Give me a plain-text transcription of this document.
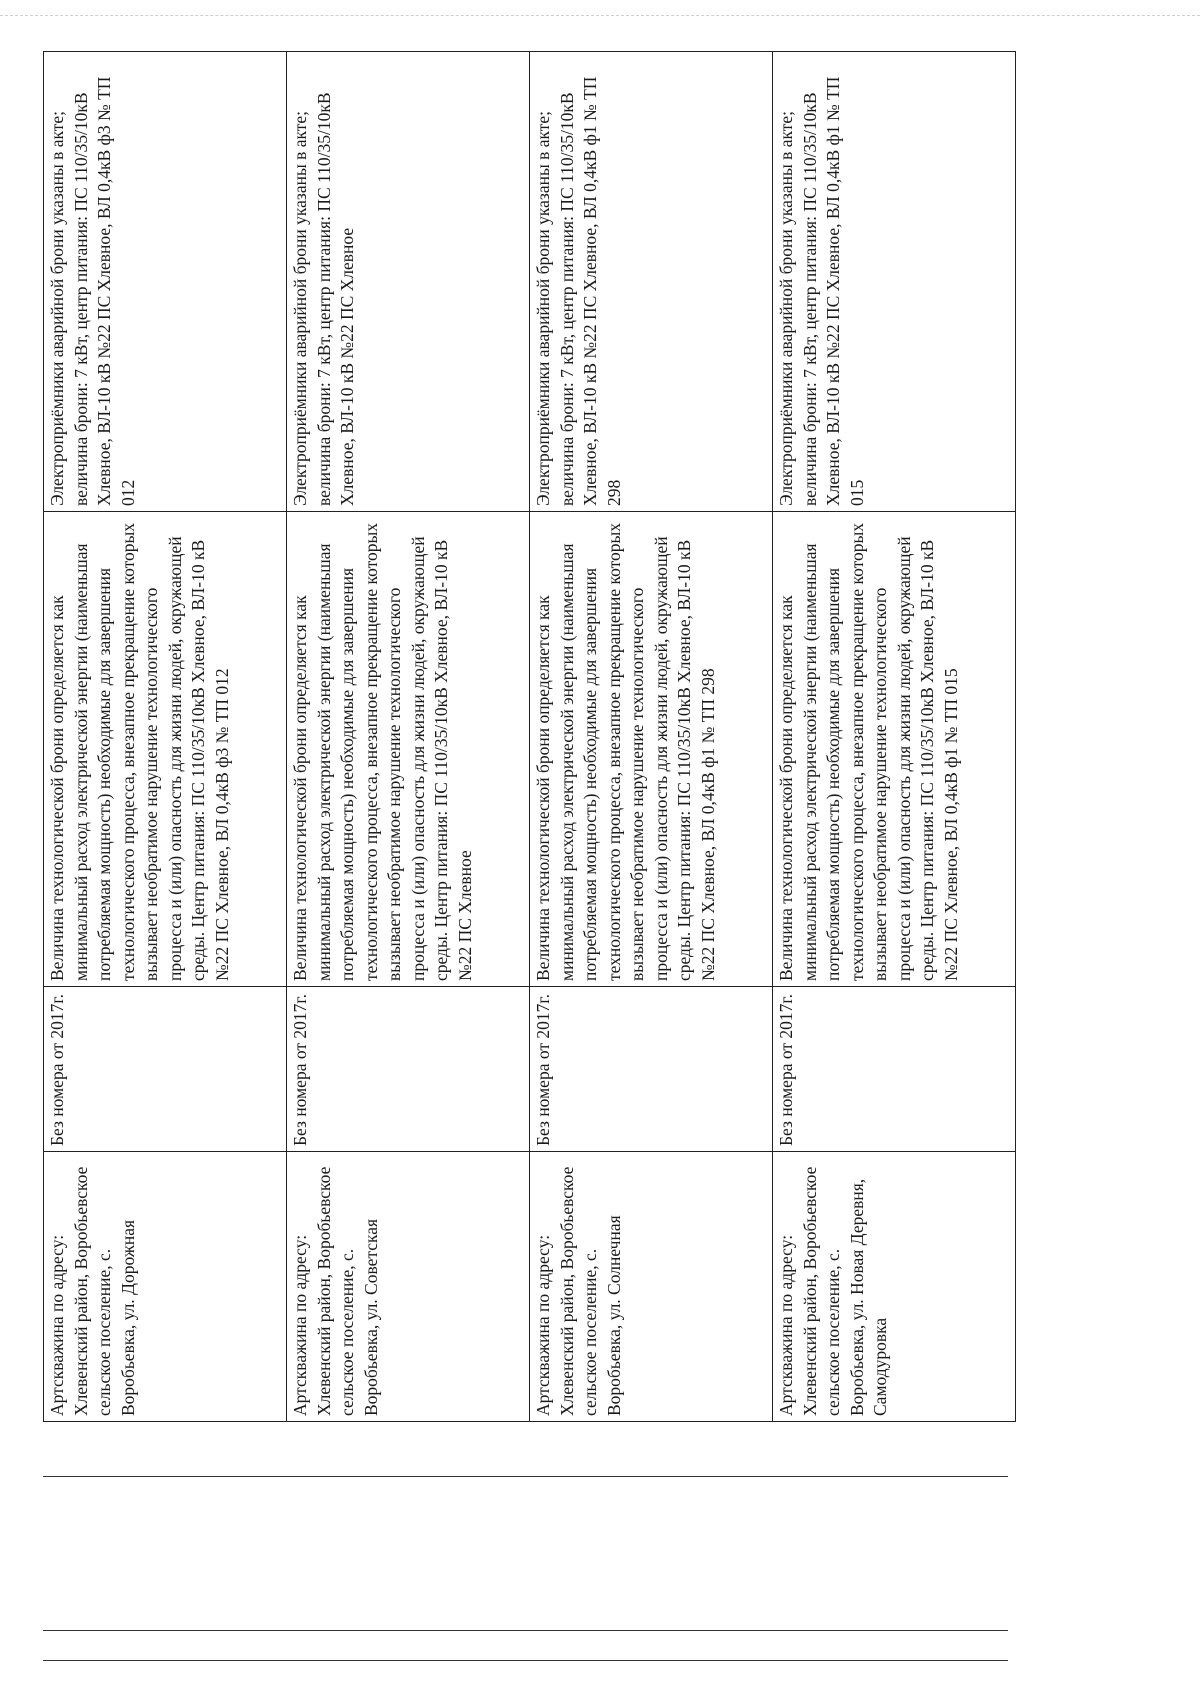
Артскважина по адресу: Хлевенский район, Воробьевское сельское поселение, с. Воробьевка, ул. Дорожная	Без номера от 2017г.	Величина технологической брони определяется как минимальный расход электрической энергии (наименьшая потребляемая мощность) необходимые для завершения технологического процесса, внезапное прекращение которых вызывает необратимое нарушение технологического процесса и (или) опасность для жизни людей, окружающей среды. Центр питания: ПС 110/35/10кВ Хлевное, ВЛ-10 кВ №22 ПС Хлевное, ВЛ 0,4кВ ф3 № ТП 012	Электроприёмники аварийной брони указаны в акте; величина брони: 7 кВт, центр питания: ПС 110/35/10кВ Хлевное, ВЛ-10 кВ №22 ПС Хлевное, ВЛ 0,4кВ ф3 № ТП 012

Артскважина по адресу: Хлевенский район, Воробьевское сельское поселение, с. Воробьевка, ул. Советская	Без номера от 2017г.	Величина технологической брони определяется как минимальный расход электрической энергии (наименьшая потребляемая мощность) необходимые для завершения технологического процесса, внезапное прекращение которых вызывает необратимое нарушение технологического процесса и (или) опасность для жизни людей, окружающей среды. Центр питания: ПС 110/35/10кВ Хлевное, ВЛ-10 кВ №22 ПС Хлевное	Электроприёмники аварийной брони указаны в акте; величина брони: 7 кВт, центр питания: ПС 110/35/10кВ Хлевное, ВЛ-10 кВ №22 ПС Хлевное

Артскважина по адресу: Хлевенский район, Воробьевское сельское поселение, с. Воробьевка, ул. Солнечная	Без номера от 2017г.	Величина технологической брони определяется как минимальный расход электрической энергии (наименьшая потребляемая мощность) необходимые для завершения технологического процесса, внезапное прекращение которых вызывает необратимое нарушение технологического процесса и (или) опасность для жизни людей, окружающей среды. Центр питания: ПС 110/35/10кВ Хлевное, ВЛ-10 кВ №22 ПС Хлевное, ВЛ 0,4кВ ф1 № ТП 298	Электроприёмники аварийной брони указаны в акте; величина брони: 7 кВт, центр питания: ПС 110/35/10кВ Хлевное, ВЛ-10 кВ №22 ПС Хлевное, ВЛ 0,4кВ ф1 № ТП 298

Артскважина по адресу: Хлевенский район, Воробьевское сельское поселение, с. Воробьевка, ул. Новая Деревня, Самодуровка	Без номера от 2017г.	Величина технологической брони определяется как минимальный расход электрической энергии (наименьшая потребляемая мощность) необходимые для завершения технологического процесса, внезапное прекращение которых вызывает необратимое нарушение технологического процесса и (или) опасность для жизни людей, окружающей среды. Центр питания: ПС 110/35/10кВ Хлевное, ВЛ-10 кВ №22 ПС Хлевное, ВЛ 0,4кВ ф1 № ТП 015	Электроприёмники аварийной брони указаны в акте; величина брони: 7 кВт, центр питания: ПС 110/35/10кВ Хлевное, ВЛ-10 кВ №22 ПС Хлевное, ВЛ 0,4кВ ф1 № ТП 015
